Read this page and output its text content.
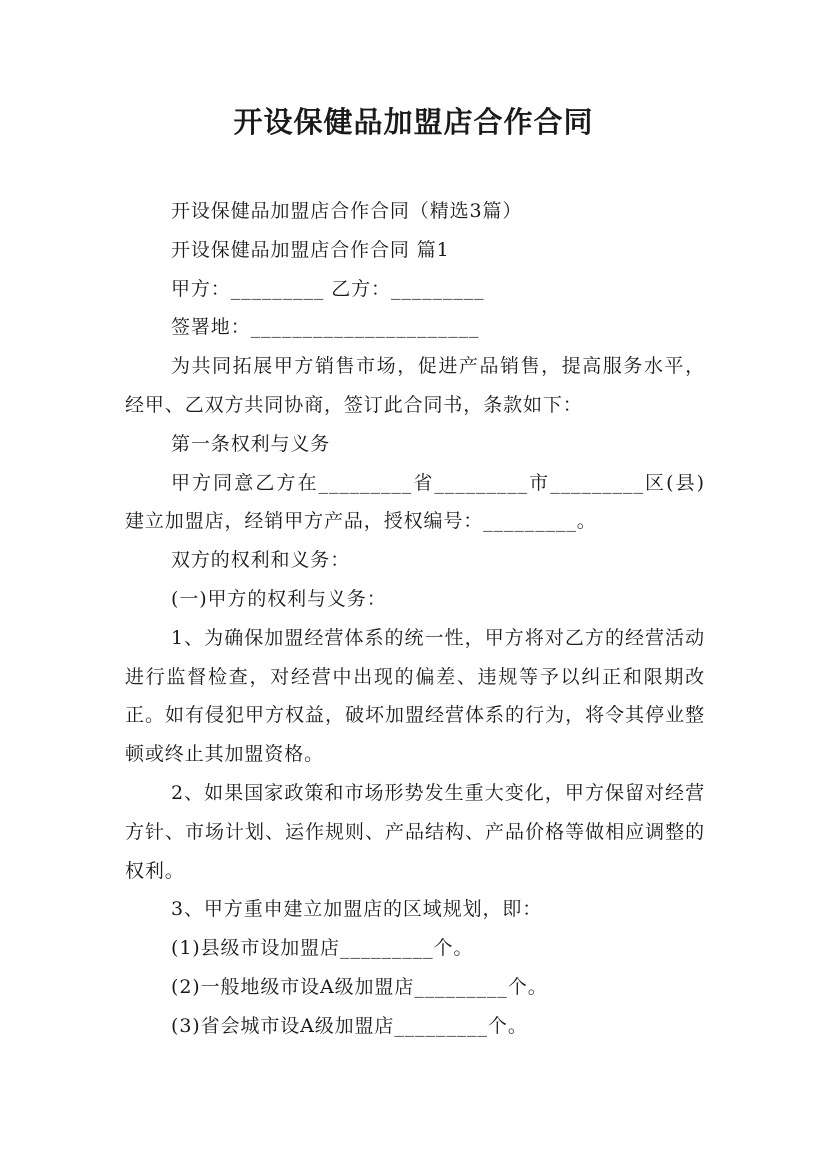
开设保健品加盟店合作合同

开设保健品加盟店合作合同（精选3篇）

开设保健品加盟店合作合同 篇1

甲方：_________ 乙方：_________

签署地：______________________

为共同拓展甲方销售市场，促进产品销售，提高服务水平，经甲、乙双方共同协商，签订此合同书，条款如下：

第一条权利与义务

甲方同意乙方在_________省_________市_________区(县)建立加盟店，经销甲方产品，授权编号：_________。

双方的权利和义务：

(一)甲方的权利与义务：

1、为确保加盟经营体系的统一性，甲方将对乙方的经营活动进行监督检查，对经营中出现的偏差、违规等予以纠正和限期改正。如有侵犯甲方权益，破坏加盟经营体系的行为，将令其停业整顿或终止其加盟资格。

2、如果国家政策和市场形势发生重大变化，甲方保留对经营方针、市场计划、运作规则、产品结构、产品价格等做相应调整的权利。

3、甲方重申建立加盟店的区域规划，即：

(1)县级市设加盟店_________个。

(2)一般地级市设A级加盟店_________个。

(3)省会城市设A级加盟店_________个。
